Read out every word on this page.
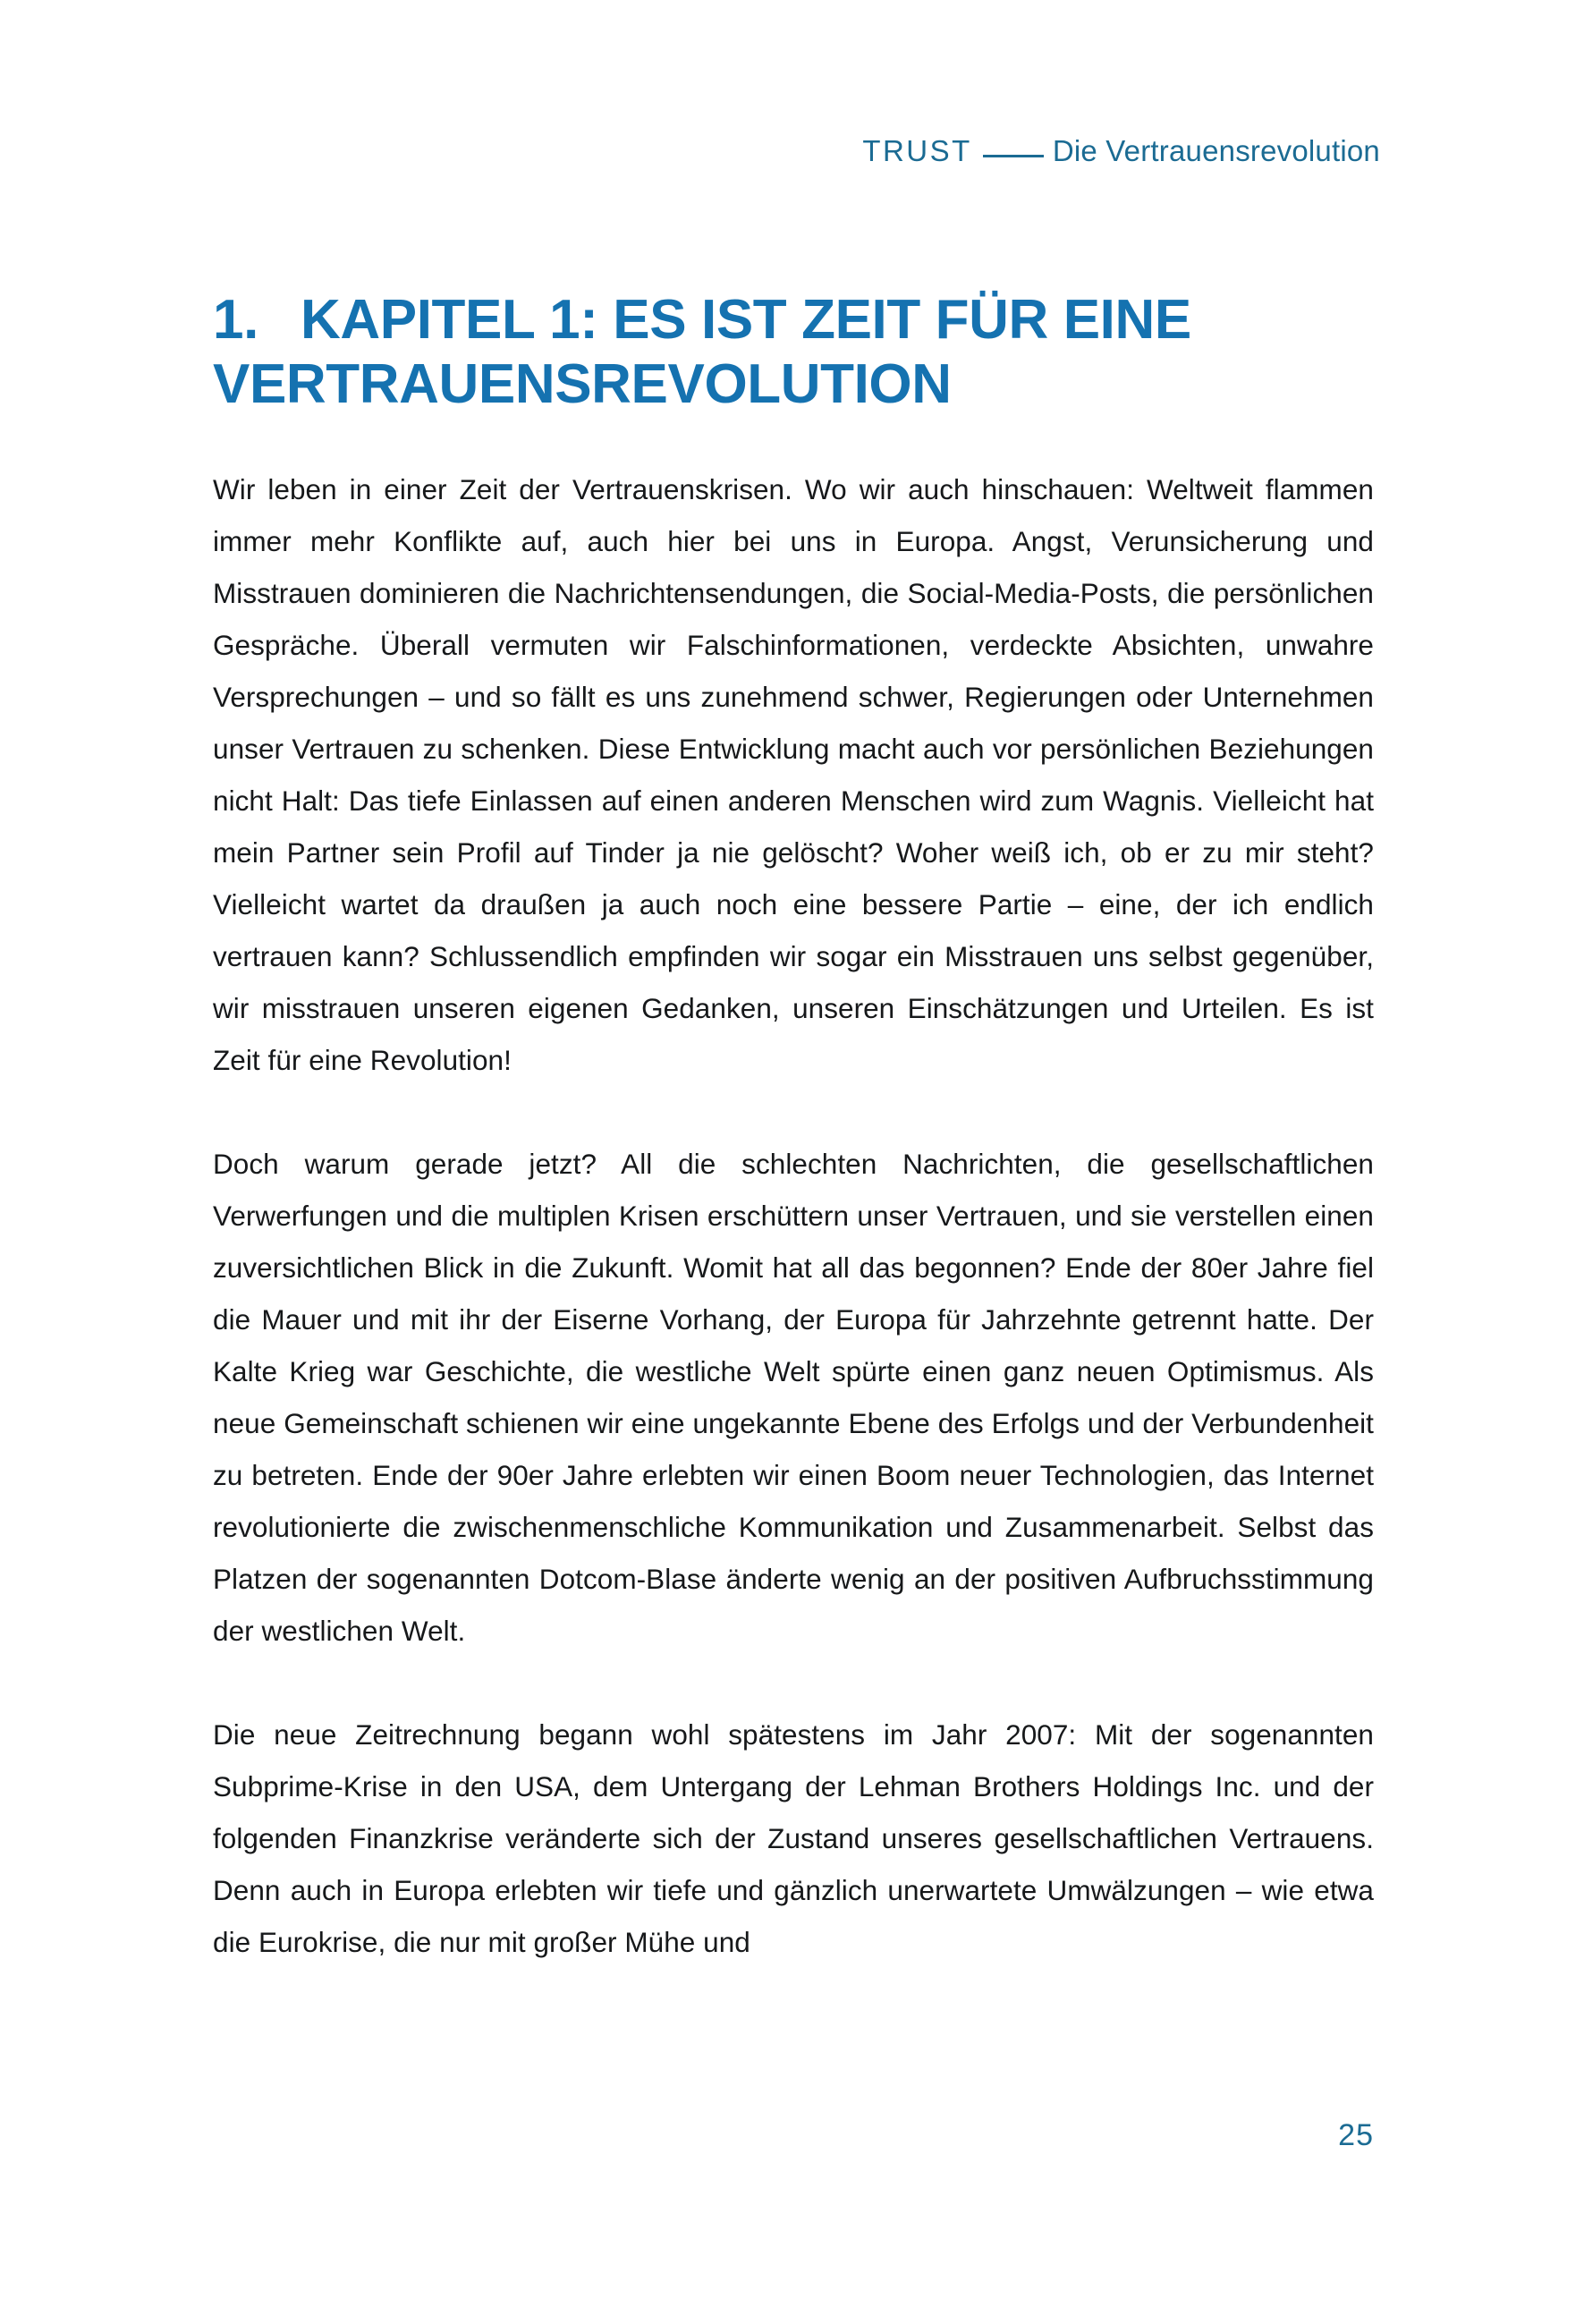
TRUST	Die Vertrauensrevolution
1. KAPITEL 1: ES IST ZEIT FÜR EINE VERTRAUENSREVOLUTION

Wir leben in einer Zeit der Vertrauenskrisen. Wo wir auch hinschauen: Weltweit flammen immer mehr Konflikte auf, auch hier bei uns in Europa. Angst, Verunsicherung und Misstrauen dominieren die Nachrichtensendungen, die Social-Media-Posts, die persönlichen Gespräche. Überall vermuten wir Falschinformationen, verdeckte Absichten, unwahre Versprechungen – und so fällt es uns zunehmend schwer, Regierungen oder Unternehmen unser Vertrauen zu schenken. Diese Entwicklung macht auch vor persönlichen Beziehungen nicht Halt: Das tiefe Einlassen auf einen anderen Menschen wird zum Wagnis. Vielleicht hat mein Partner sein Profil auf Tinder ja nie gelöscht? Woher weiß ich, ob er zu mir steht? Vielleicht wartet da draußen ja auch noch eine bessere Partie – eine, der ich endlich vertrauen kann? Schlussendlich empfinden wir sogar ein Misstrauen uns selbst gegenüber, wir misstrauen unseren eigenen Gedanken, unseren Einschätzungen und Urteilen. Es ist Zeit für eine Revolution!

Doch warum gerade jetzt? All die schlechten Nachrichten, die gesellschaftlichen Verwerfungen und die multiplen Krisen erschüttern unser Vertrauen, und sie verstellen einen zuversichtlichen Blick in die Zukunft. Womit hat all das begonnen? Ende der 80er Jahre fiel die Mauer und mit ihr der Eiserne Vorhang, der Europa für Jahrzehnte getrennt hatte. Der Kalte Krieg war Geschichte, die westliche Welt spürte einen ganz neuen Optimismus. Als neue Gemeinschaft schienen wir eine ungekannte Ebene des Erfolgs und der Verbundenheit zu betreten. Ende der 90er Jahre erlebten wir einen Boom neuer Technologien, das Internet revolutionierte die zwischenmenschliche Kommunikation und Zusammenarbeit. Selbst das Platzen der sogenannten Dotcom-Blase änderte wenig an der positiven Aufbruchsstimmung der westlichen Welt.

Die neue Zeitrechnung begann wohl spätestens im Jahr 2007: Mit der sogenannten Subprime-Krise in den USA, dem Untergang der Lehman Brothers Holdings Inc. und der folgenden Finanzkrise veränderte sich der Zustand unseres gesellschaftlichen Vertrauens. Denn auch in Europa erlebten wir tiefe und gänzlich unerwartete Umwälzungen – wie etwa die Eurokrise, die nur mit großer Mühe und

25
